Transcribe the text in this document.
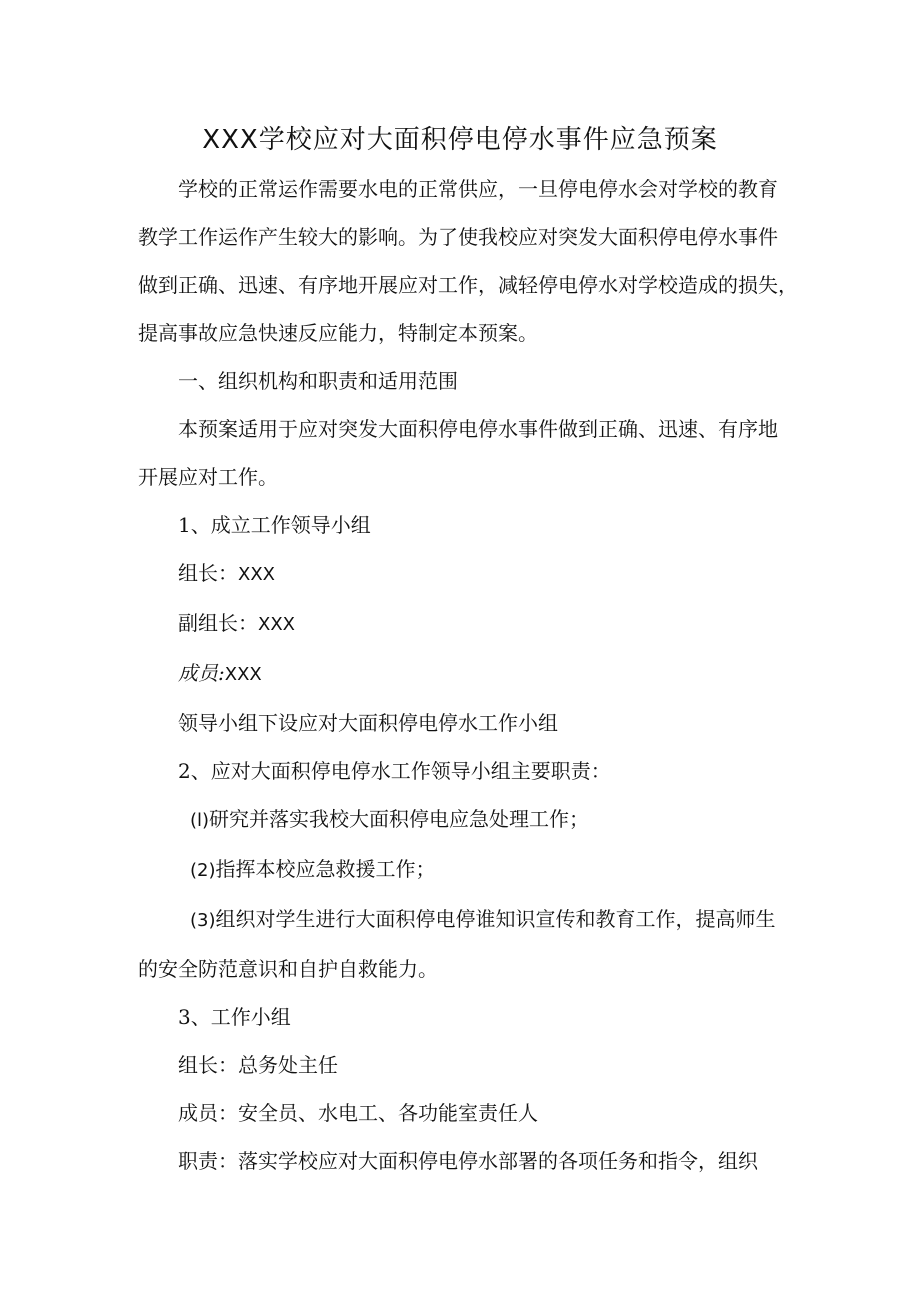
XXX学校应对大面积停电停水事件应急预案

学校的正常运作需要水电的正常供应，一旦停电停水会对学校的教育

教学工作运作产生较大的影响。为了使我校应对突发大面积停电停水事件

做到正确、迅速、有序地开展应对工作，减轻停电停水对学校造成的损失，

提高事故应急快速反应能力，特制定本预案。

一、组织机构和职责和适用范围

本预案适用于应对突发大面积停电停水事件做到正确、迅速、有序地

开展应对工作。

1、成立工作领导小组

组长：XXX

副组长：XXX

成员:XXX

领导小组下设应对大面积停电停水工作小组

2、应对大面积停电停水工作领导小组主要职责：

(l)研究并落实我校大面积停电应急处理工作；

(2)指挥本校应急救援工作；

(3)组织对学生进行大面积停电停谁知识宣传和教育工作，提高师生

的安全防范意识和自护自救能力。

3、工作小组

组长：总务处主任

成员：安全员、水电工、各功能室责任人

职责：落实学校应对大面积停电停水部署的各项任务和指令，组织
